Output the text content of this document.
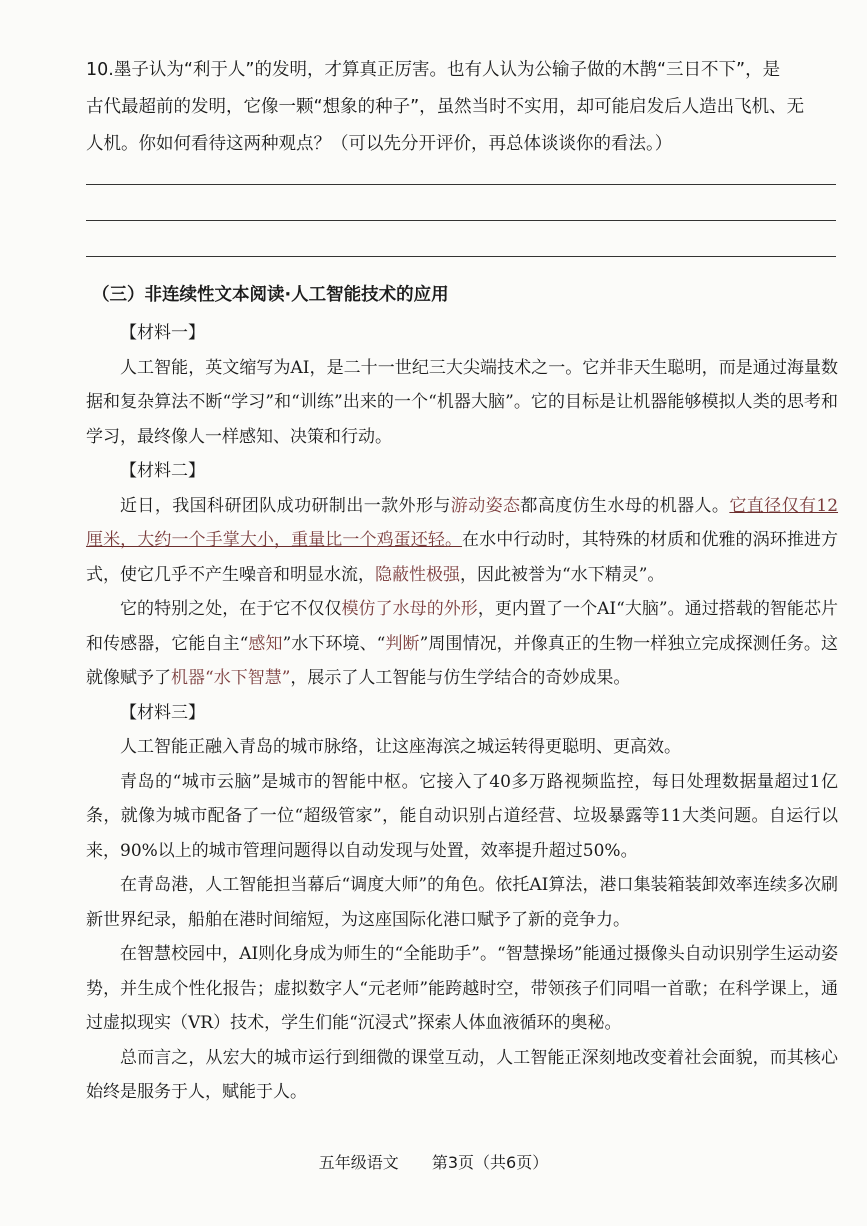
10.墨子认为“利于人”的发明，才算真正厉害。也有人认为公输子做的木鹊“三日不下”，是

古代最超前的发明，它像一颗“想象的种子”，虽然当时不实用，却可能启发后人造出飞机、无

人机。你如何看待这两种观点？（可以先分开评价，再总体谈谈你的看法。）

（三）非连续性文本阅读·人工智能技术的应用

【材料一】

人工智能，英文缩写为AI，是二十一世纪三大尖端技术之一。它并非天生聪明，而是通过海量数据和复杂算法不断“学习”和“训练”出来的一个“机器大脑”。它的目标是让机器能够模拟人类的思考和学习，最终像人一样感知、决策和行动。

【材料二】

近日，我国科研团队成功研制出一款外形与游动姿态都高度仿生水母的机器人。它直径仅有12厘米，大约一个手掌大小，重量比一个鸡蛋还轻。在水中行动时，其特殊的材质和优雅的涡环推进方式，使它几乎不产生噪音和明显水流，隐蔽性极强，因此被誉为“水下精灵”。

它的特别之处，在于它不仅仅模仿了水母的外形，更内置了一个AI“大脑”。通过搭载的智能芯片和传感器，它能自主“感知”水下环境、“判断”周围情况，并像真正的生物一样独立完成探测任务。这就像赋予了机器“水下智慧”，展示了人工智能与仿生学结合的奇妙成果。

【材料三】

人工智能正融入青岛的城市脉络，让这座海滨之城运转得更聪明、更高效。

青岛的“城市云脑”是城市的智能中枢。它接入了40多万路视频监控，每日处理数据量超过1亿条，就像为城市配备了一位“超级管家”，能自动识别占道经营、垃圾暴露等11大类问题。自运行以来，90%以上的城市管理问题得以自动发现与处置，效率提升超过50%。

在青岛港，人工智能担当幕后“调度大师”的角色。依托AI算法，港口集装箱装卸效率连续多次刷新世界纪录，船舶在港时间缩短，为这座国际化港口赋予了新的竞争力。

在智慧校园中，AI则化身成为师生的“全能助手”。“智慧操场”能通过摄像头自动识别学生运动姿势，并生成个性化报告；虚拟数字人“元老师”能跨越时空，带领孩子们同唱一首歌；在科学课上，通过虚拟现实（VR）技术，学生们能“沉浸式”探索人体血液循环的奥秘。

总而言之，从宏大的城市运行到细微的课堂互动，人工智能正深刻地改变着社会面貌，而其核心始终是服务于人，赋能于人。

五年级语文 第3页（共6页）
